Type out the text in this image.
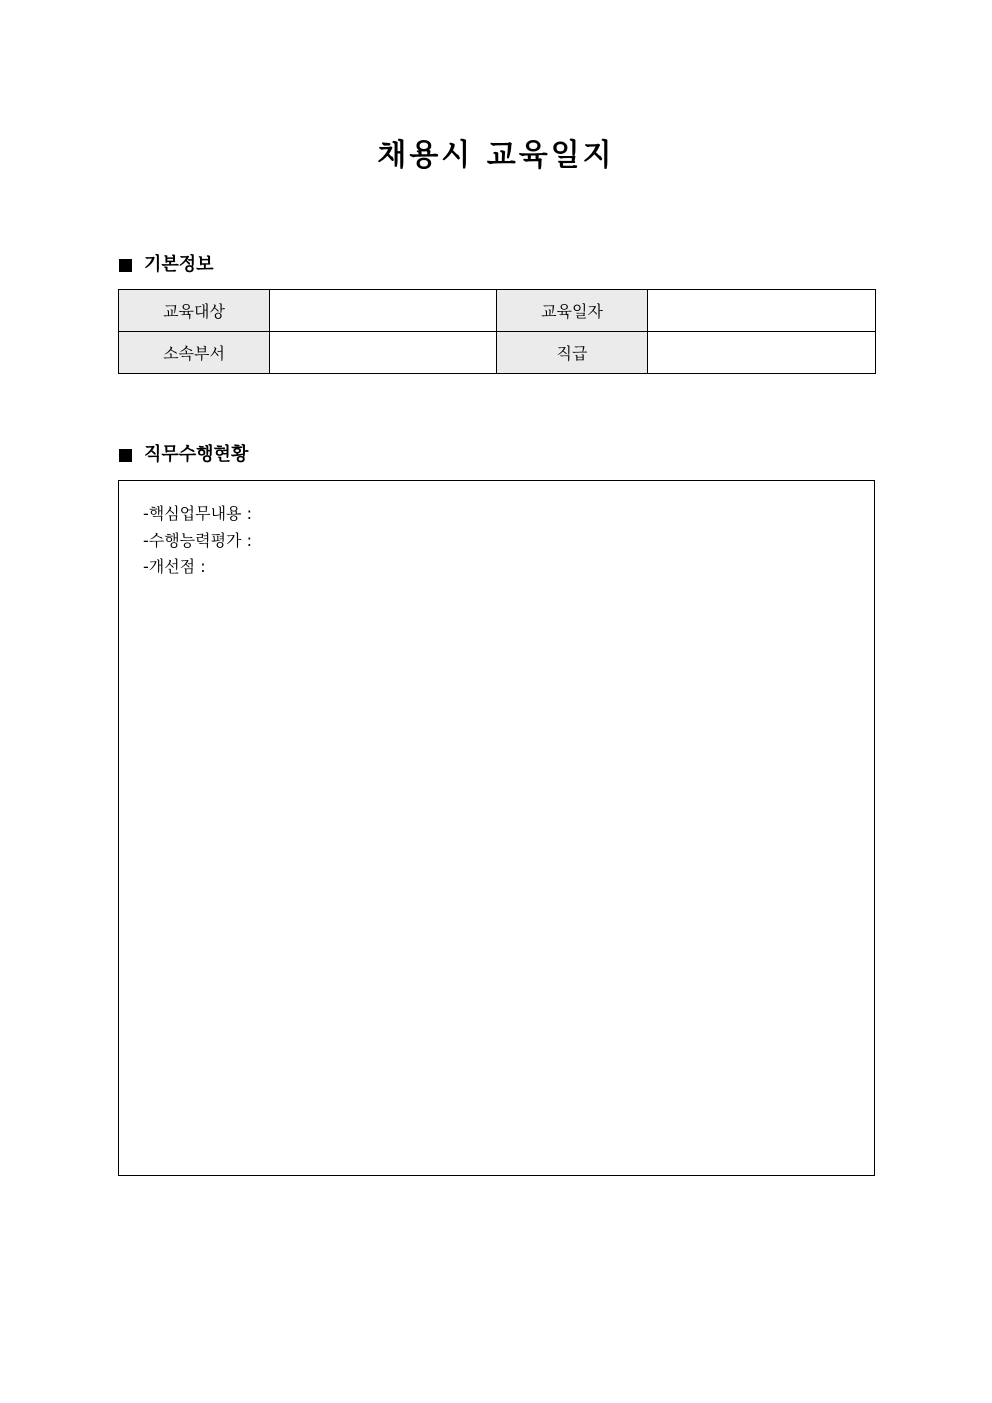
채용시 교육일지
기본정보
교육대상		교육일자	
소속부서		직급	
직무수행현황
-핵심업무내용 :
-수행능력평가 :
-개선점 :
